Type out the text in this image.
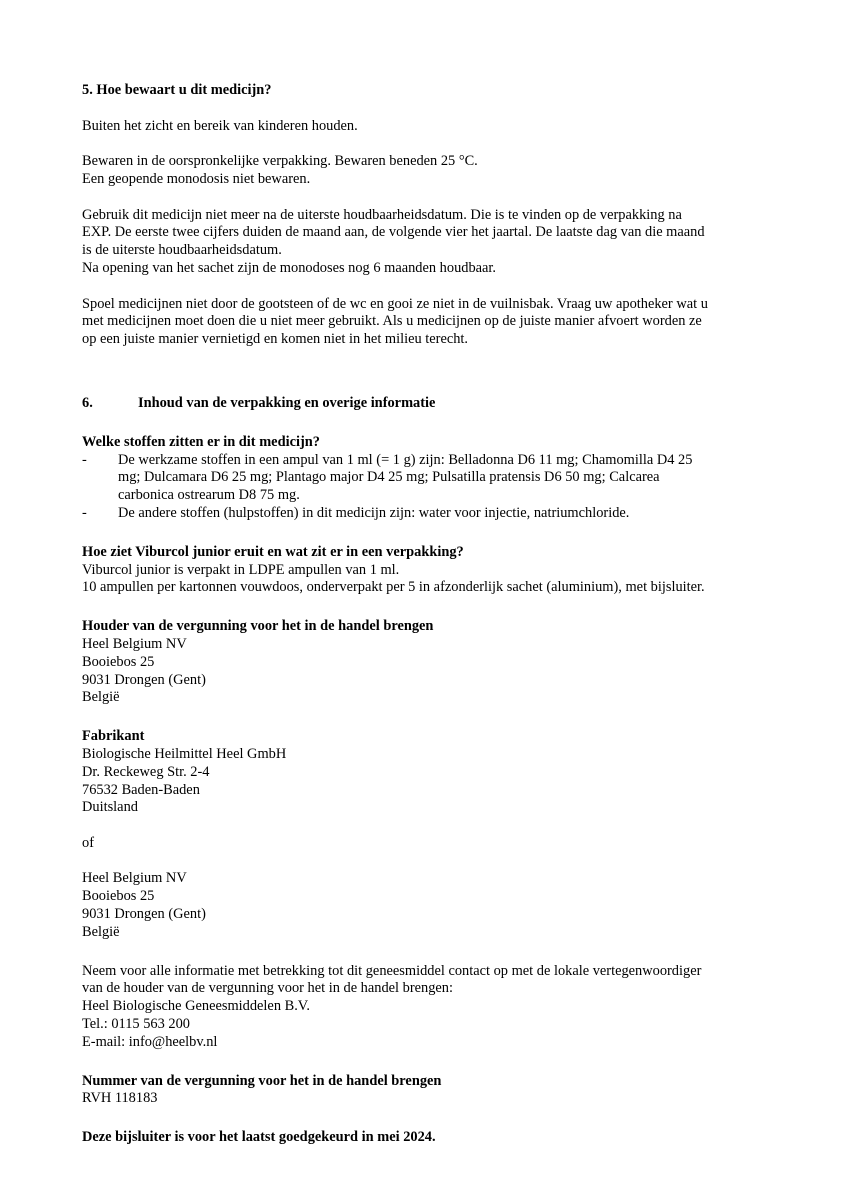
5. Hoe bewaart u dit medicijn?

Buiten het zicht en bereik van kinderen houden.

Bewaren in de oorspronkelijke verpakking. Bewaren beneden 25 °C.

Een geopende monodosis niet bewaren.

Gebruik dit medicijn niet meer na de uiterste houdbaarheidsdatum. Die is te vinden op de verpakking na

EXP. De eerste twee cijfers duiden de maand aan, de volgende vier het jaartal. De laatste dag van die maand

is de uiterste houdbaarheidsdatum.

Na opening van het sachet zijn de monodoses nog 6 maanden houdbaar.

Spoel medicijnen niet door de gootsteen of de wc en gooi ze niet in de vuilnisbak. Vraag uw apotheker wat u

met medicijnen moet doen die u niet meer gebruikt. Als u medicijnen op de juiste manier afvoert worden ze

op een juiste manier vernietigd en komen niet in het milieu terecht.

6.	Inhoud van de verpakking en overige informatie

Welke stoffen zitten er in dit medicijn?

-	De werkzame stoffen in een ampul van 1 ml (= 1 g) zijn: Belladonna D6 11 mg; Chamomilla D4 25
mg; Dulcamara D6 25 mg; Plantago major D4 25 mg; Pulsatilla pratensis D6 50 mg; Calcarea
carbonica ostrearum D8 75 mg.
-	De andere stoffen (hulpstoffen) in dit medicijn zijn: water voor injectie, natriumchloride.

Hoe ziet Viburcol junior eruit en wat zit er in een verpakking?

Viburcol junior is verpakt in LDPE ampullen van 1 ml.

10 ampullen per kartonnen vouwdoos, onderverpakt per 5 in afzonderlijk sachet (aluminium), met bijsluiter.

Houder van de vergunning voor het in de handel brengen

Heel Belgium NV

Booiebos 25

9031 Drongen (Gent)

België

Fabrikant

Biologische Heilmittel Heel GmbH

Dr. Reckeweg Str. 2-4

76532 Baden-Baden

Duitsland

of

Heel Belgium NV

Booiebos 25

9031 Drongen (Gent)

België

Neem voor alle informatie met betrekking tot dit geneesmiddel contact op met de lokale vertegenwoordiger

van de houder van de vergunning voor het in de handel brengen:

Heel Biologische Geneesmiddelen B.V.

Tel.: 0115 563 200

E-mail: info@heelbv.nl

Nummer van de vergunning voor het in de handel brengen

RVH 118183

Deze bijsluiter is voor het laatst goedgekeurd in mei 2024.
